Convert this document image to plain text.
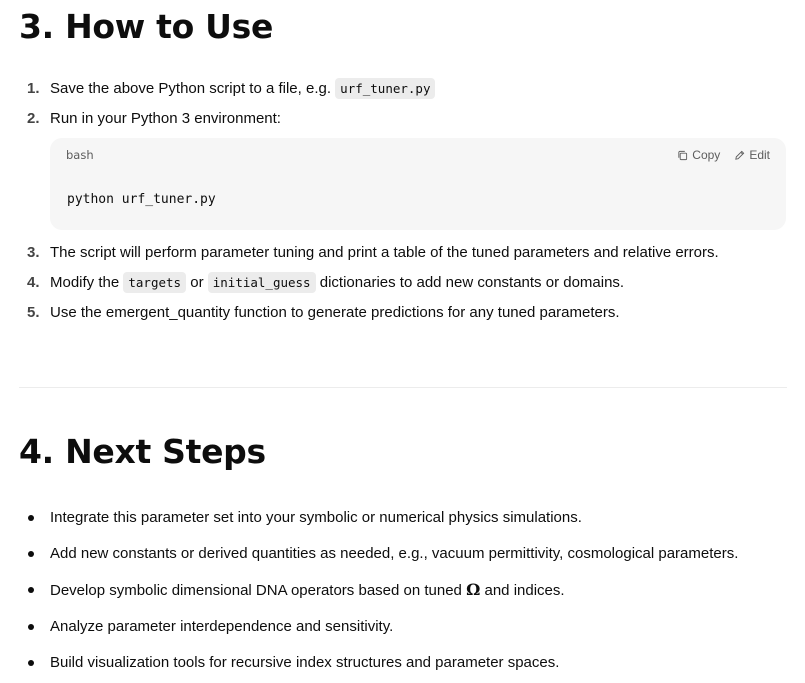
3. How to Use
1. Save the above Python script to a file, e.g. urf_tuner.py
2. Run in your Python 3 environment:
bash	Copy Edit
python urf_tuner.py
3. The script will perform parameter tuning and print a table of the tuned parameters and relative errors.
4. Modify the targets or initial_guess dictionaries to add new constants or domains.
5. Use the emergent_quantity function to generate predictions for any tuned parameters.
4. Next Steps
Integrate this parameter set into your symbolic or numerical physics simulations.
Add new constants or derived quantities as needed, e.g., vacuum permittivity, cosmological parameters.
Develop symbolic dimensional DNA operators based on tuned Ω and indices.
Analyze parameter interdependence and sensitivity.
Build visualization tools for recursive index structures and parameter spaces.
